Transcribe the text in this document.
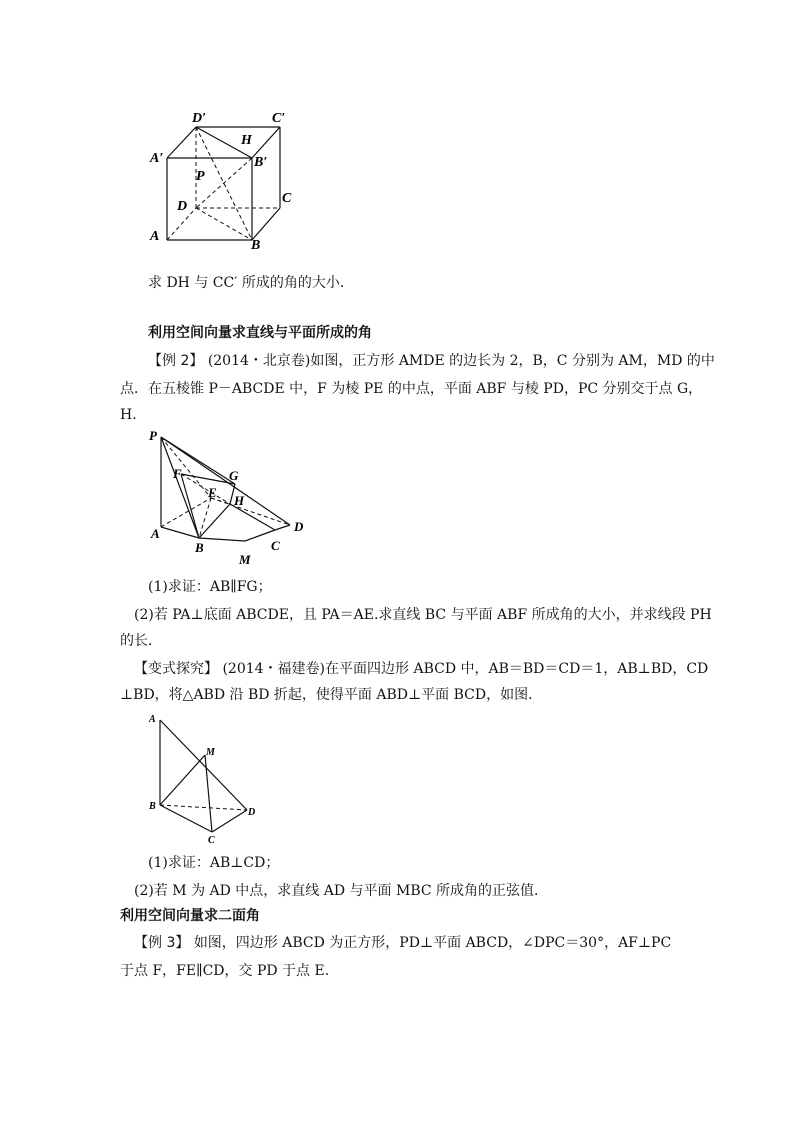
D′	C′
H
A′	B′
P
C
D
A
B
求 DH 与 CC′ 所成的角的大小．
利用空间向量求直线与平面所成的角
【例 2】 (2014・北京卷)如图，正方形 AMDE 的边长为 2，B，C 分别为 AM，MD 的中
点．在五棱锥 P－ABCDE 中，F 为棱 PE 的中点，平面 ABF 与棱 PD，PC 分别交于点 G，
H.
P
F	G
E
H
A
B	C
D
M
(1)求证：AB∥FG；
(2)若 PA⊥底面 ABCDE，且 PA＝AE.求直线 BC 与平面 ABF 所成角的大小，并求线段 PH
的长．
【变式探究】 (2014・福建卷)在平面四边形 ABCD 中，AB＝BD＝CD＝1，AB⊥BD，CD
⊥BD，将△ABD 沿 BD 折起，使得平面 ABD⊥平面 BCD，如图．
A
M
B
D
C
(1)求证：AB⊥CD；
(2)若 M 为 AD 中点，求直线 AD 与平面 MBC 所成角的正弦值．
利用空间向量求二面角
【例 3】 如图，四边形 ABCD 为正方形，PD⊥平面 ABCD，∠DPC＝30°，AF⊥PC
于点 F，FE∥CD，交 PD 于点 E.
